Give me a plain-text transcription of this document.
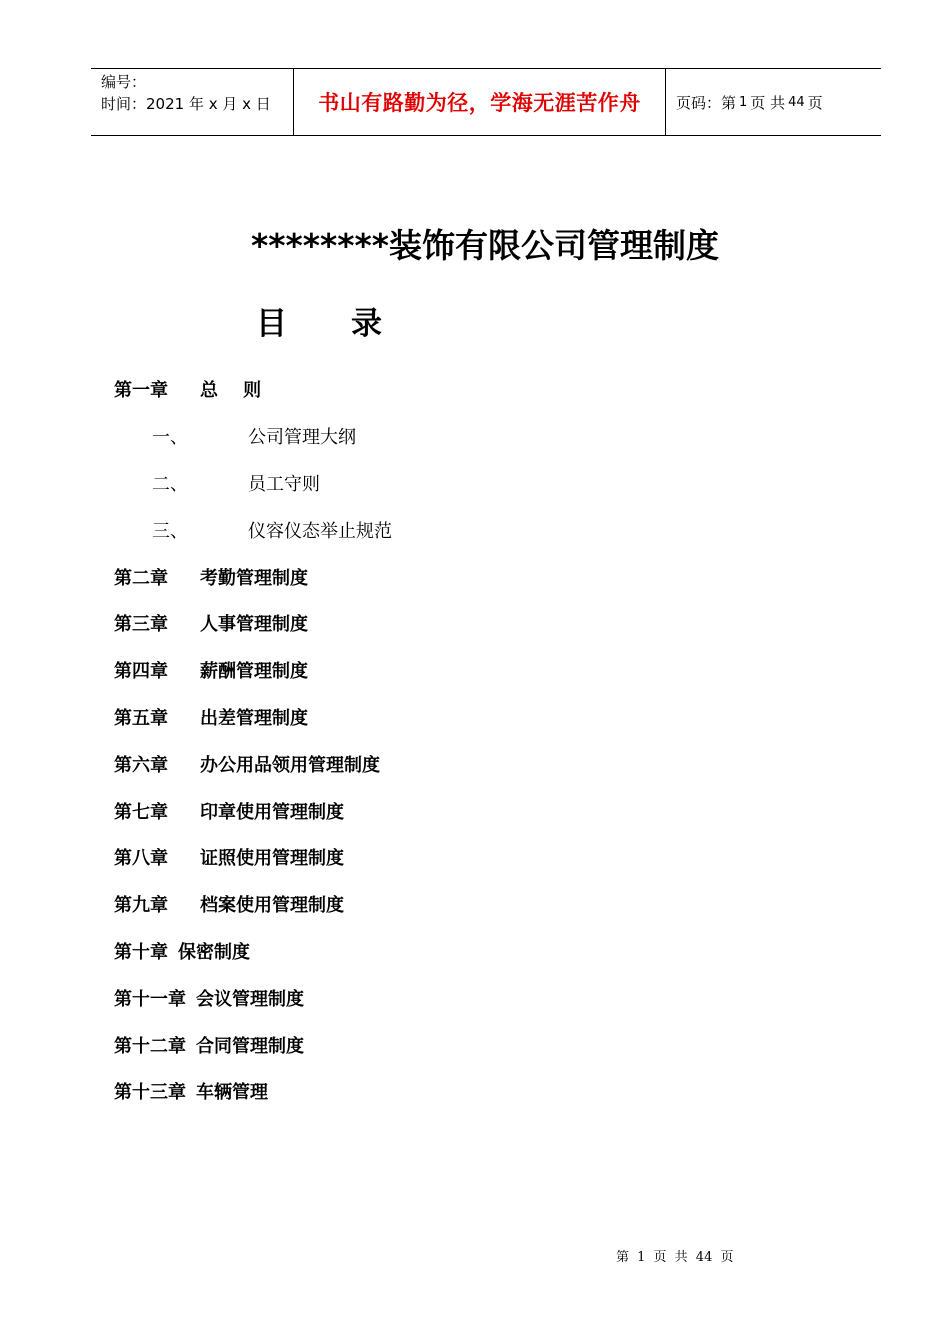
编号：
时间：2021 年 x 月 x 日	书山有路勤为径，学海无涯苦作舟	页码：第 1 页 共 44 页
********装饰有限公司管理制度
目 录
第一章	总    则
一、	公司管理大纲
二、	员工守则
三、	仪容仪态举止规范
第二章	考勤管理制度
第三章	人事管理制度
第四章	薪酬管理制度
第五章	出差管理制度
第六章	办公用品领用管理制度
第七章	印章使用管理制度
第八章	证照使用管理制度
第九章	档案使用管理制度
第十章 保密制度
第十一章 会议管理制度
第十二章 合同管理制度
第十三章 车辆管理
第 1 页 共 44 页
